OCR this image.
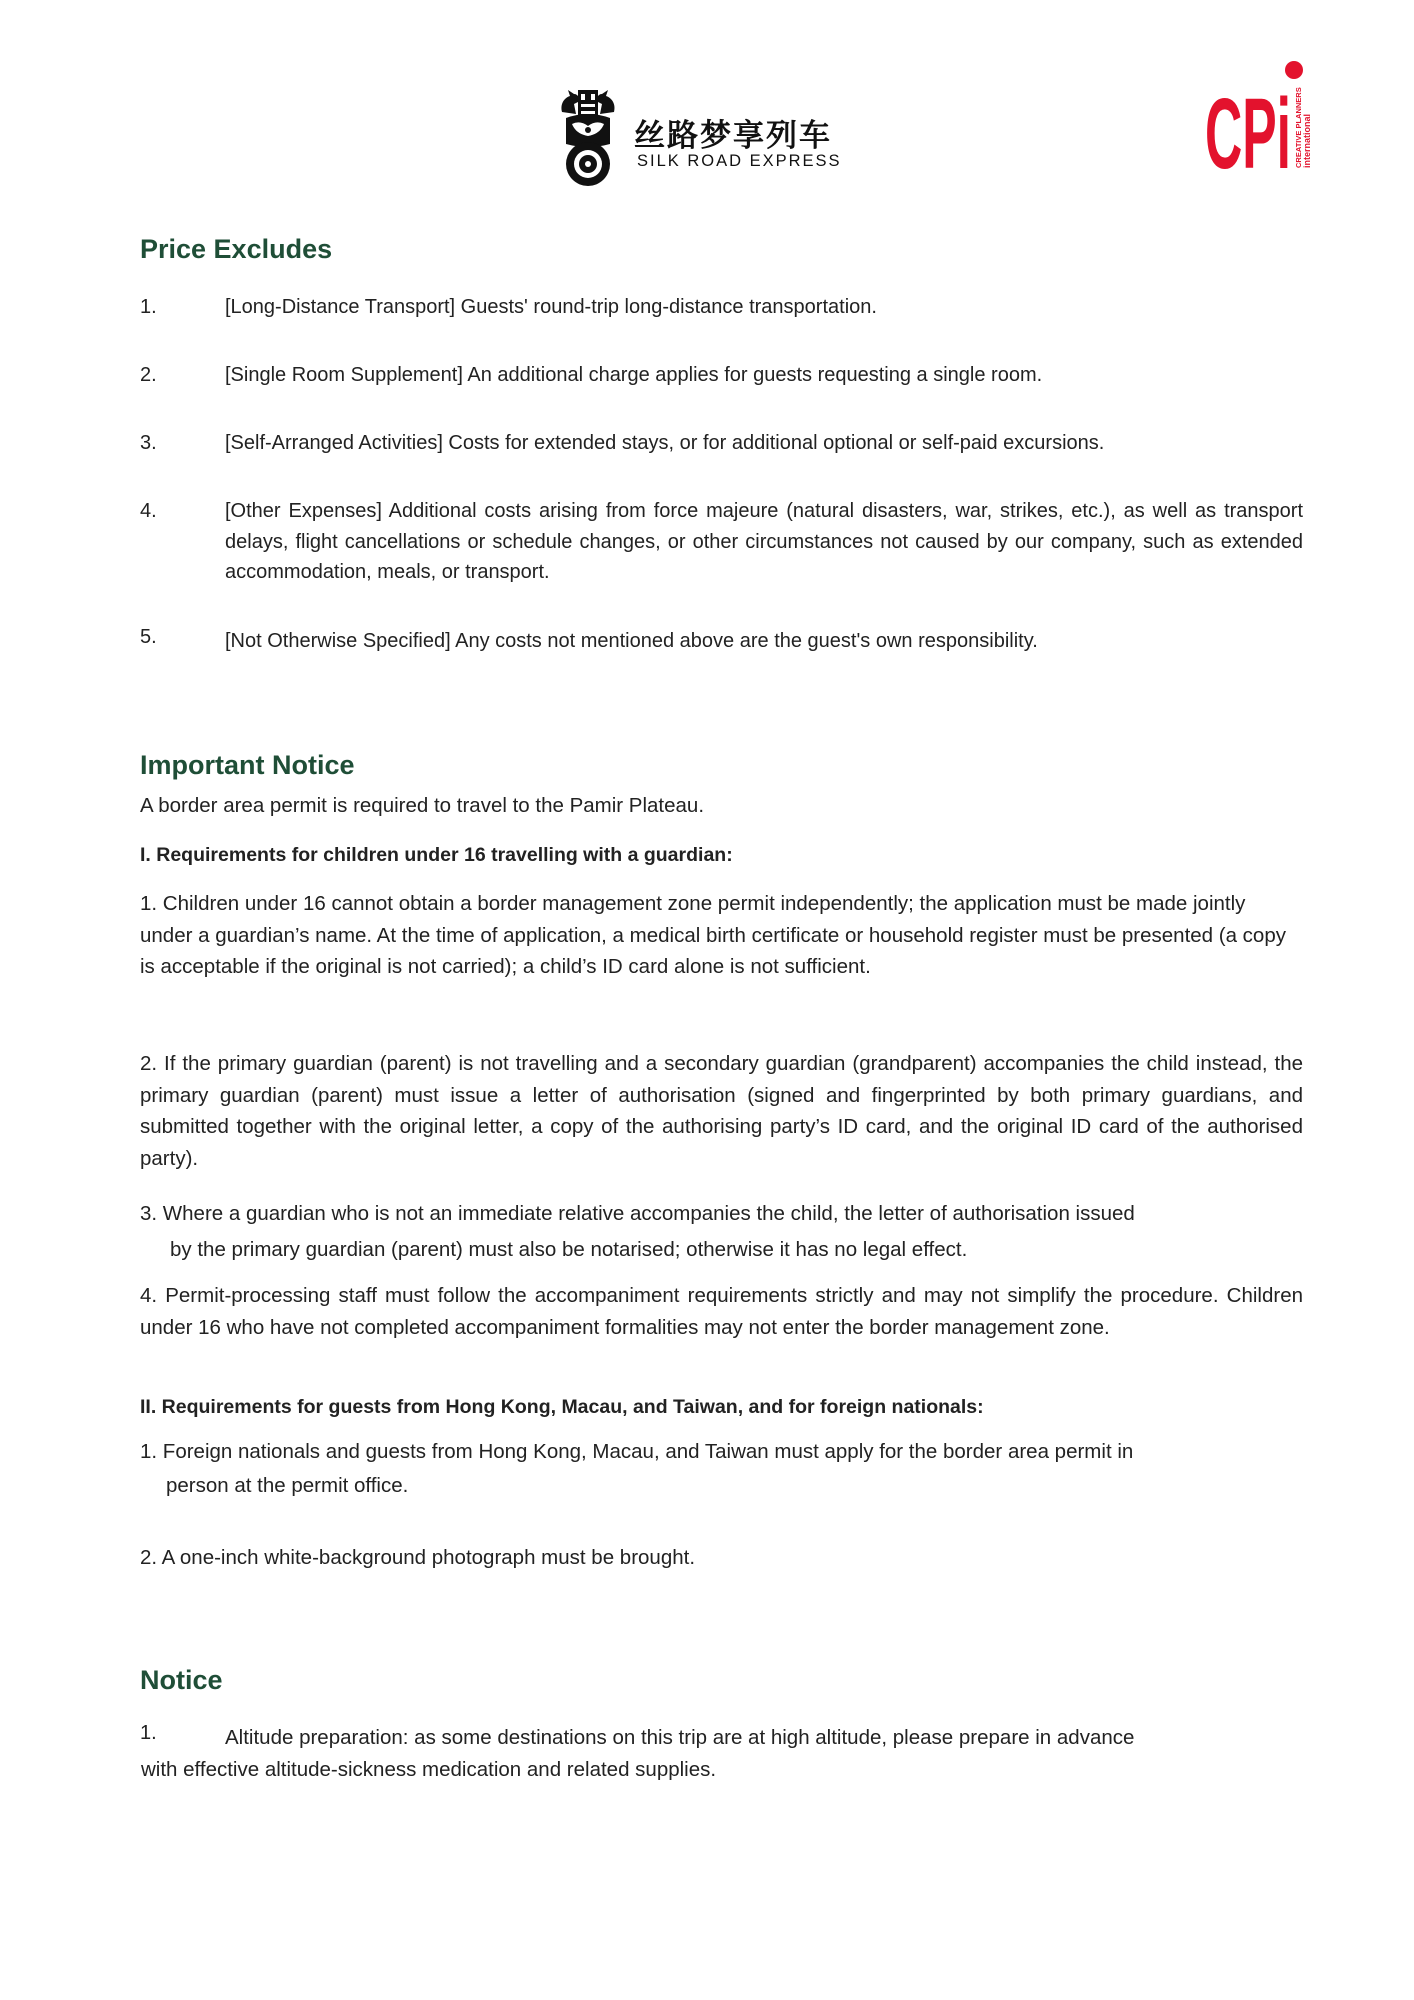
丝路梦享列车
SILK ROAD EXPRESS	CPi CREATIVE PLANNERS international
Price Excludes
1.	[Long-Distance Transport] Guests' round-trip long-distance transportation.
2.	[Single Room Supplement] An additional charge applies for guests requesting a single room.
3.	[Self-Arranged Activities] Costs for extended stays, or for additional optional or self-paid excursions.
4.	[Other Expenses] Additional costs arising from force majeure (natural disasters, war, strikes, etc.), as well as transport delays, flight cancellations or schedule changes, or other circumstances not caused by our company, such as extended accommodation, meals, or transport.
5.	[Not Otherwise Specified] Any costs not mentioned above are the guest's own responsibility.
Important Notice
A border area permit is required to travel to the Pamir Plateau.
I. Requirements for children under 16 travelling with a guardian:
1. Children under 16 cannot obtain a border management zone permit independently; the application must be made jointly under a guardian’s name. At the time of application, a medical birth certificate or household register must be presented (a copy is acceptable if the original is not carried); a child’s ID card alone is not sufficient.
2. If the primary guardian (parent) is not travelling and a secondary guardian (grandparent) accompanies the child instead, the primary guardian (parent) must issue a letter of authorisation (signed and fingerprinted by both primary guardians, and submitted together with the original letter, a copy of the authorising party’s ID card, and the original ID card of the authorised party).
3. Where a guardian who is not an immediate relative accompanies the child, the letter of authorisation issued
by the primary guardian (parent) must also be notarised; otherwise it has no legal effect.
4. Permit-processing staff must follow the accompaniment requirements strictly and may not simplify the procedure. Children under 16 who have not completed accompaniment formalities may not enter the border management zone.
II. Requirements for guests from Hong Kong, Macau, and Taiwan, and for foreign nationals:
1. Foreign nationals and guests from Hong Kong, Macau, and Taiwan must apply for the border area permit in
person at the permit office.
2. A one-inch white-background photograph must be brought.
Notice
1.	Altitude preparation: as some destinations on this trip are at high altitude, please prepare in advance
with effective altitude-sickness medication and related supplies.
